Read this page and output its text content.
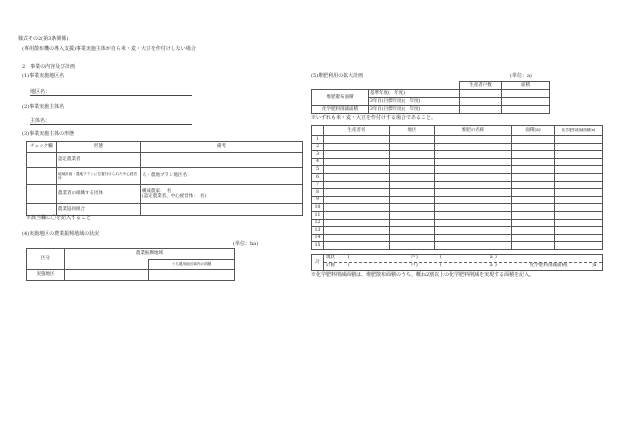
様式その2(第3条関係)
(専用散布機の導入支援)事業実施主体が自ら米・麦・大豆を作付けしない場合
2　事業の内容及び計画
(1)事業実施地区名
地区名：
(2)事業実施主体名
主体名：
(3)事業実施主体の形態
チェック欄	形態	備考
	認定農業者	
	地域計画・農地プランに位置付けられた中心経営体	人・農地プラン地区名：
	農業者の組織する団体	構成農家：　名
(認定農業者、中心経営体：　名)

	農業協同組合	
※該当欄に〇を記入すること
(4)実施地区の農業振興地域の状況
(単位：ha)
区分	農業振興地域	
		うち農用地区域内の面積
実施地区		
(5)堆肥利用の拡大計画	(単位：a)
		生産者戸数	面積
堆肥散布面積	基準年度(　年度)		
	3年目(目標年度)(　年度)		
化学肥料削減面積	3年目(目標年度)(　年度)		
※いずれも米・麦・大豆を作付けする場合であること。
	生産者名	地区	堆肥の名称	面積(a)	化学肥料削減面積(a)
1					
2					
3					
4					
5					
6					
7					
8					
9					
10					
11					
12					
13					
14					
15					
計	
現状	(	戸 )	(	a )

計画	(	戸 )	(	a )	化学肥料削減面積(	)a
※化学肥料削減面積は、堆肥散布面積のうち、概ね2割以上の化学肥料削減を実現する面積を記入。
